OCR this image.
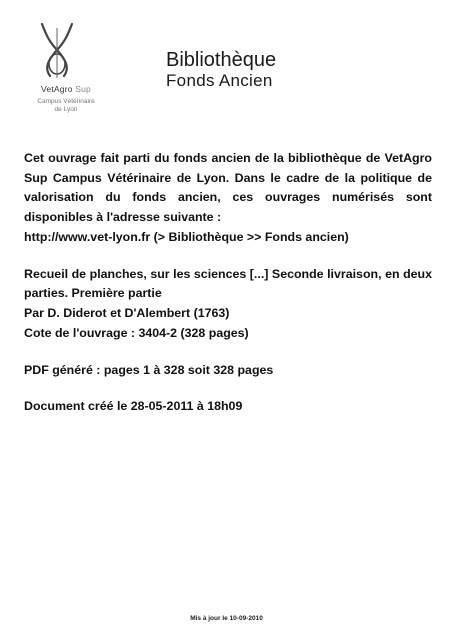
VetAgro Sup
Campus Vétérinaire
de Lyon
Bibliothèque
Fonds Ancien

Cet ouvrage fait parti du fonds ancien de la bibliothèque de VetAgro

Sup Campus Vétérinaire de Lyon. Dans le cadre de la politique de

valorisation du fonds ancien, ces ouvrages numérisés sont

disponibles à l'adresse suivante :

http://www.vet-lyon.fr (> Bibliothèque >> Fonds ancien)

Recueil de planches, sur les sciences [...] Seconde livraison, en deux

parties. Première partie

Par D. Diderot et D'Alembert (1763)

Cote de l'ouvrage : 3404-2 (328 pages)

PDF généré : pages 1 à 328 soit 328 pages

Document créé le 28-05-2011 à 18h09

Mis à jour le 10-09-2010
